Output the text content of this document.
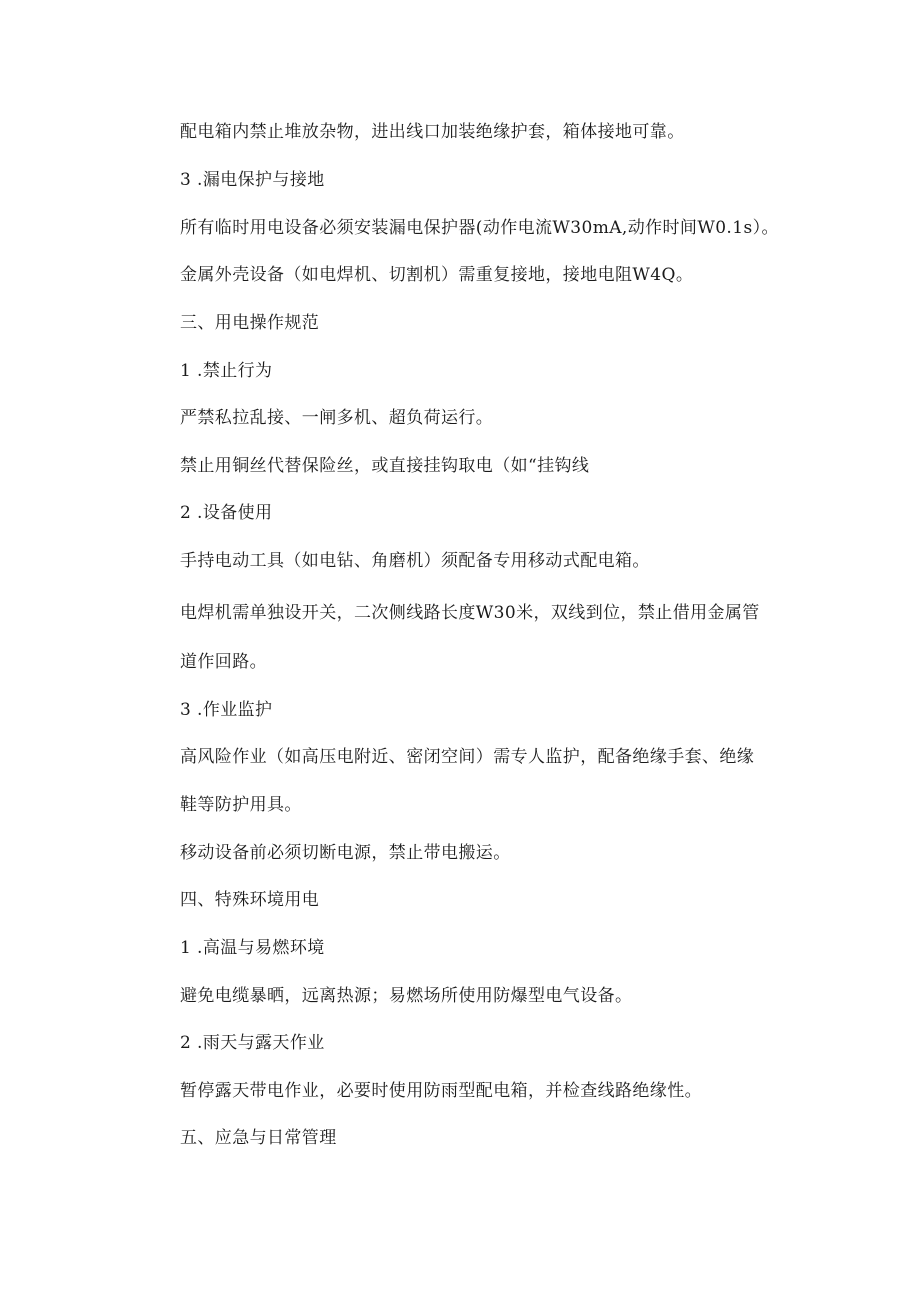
配电箱内禁止堆放杂物，进出线口加装绝缘护套，箱体接地可靠。

3 .漏电保护与接地

所有临时用电设备必须安装漏电保护器(动作电流W30mA,动作时间W0.1s）。

金属外壳设备（如电焊机、切割机）需重复接地，接地电阻W4Q。

三、用电操作规范

1 .禁止行为

严禁私拉乱接、一闸多机、超负荷运行。

禁止用铜丝代替保险丝，或直接挂钩取电（如“挂钩线

2 .设备使用

手持电动工具（如电钻、角磨机）须配备专用移动式配电箱。

电焊机需单独设开关，二次侧线路长度W30米，双线到位，禁止借用金属管

道作回路。

3 .作业监护

高风险作业（如高压电附近、密闭空间）需专人监护，配备绝缘手套、绝缘

鞋等防护用具。

移动设备前必须切断电源，禁止带电搬运。

四、特殊环境用电

1 .高温与易燃环境

避免电缆暴晒，远离热源；易燃场所使用防爆型电气设备。

2 .雨天与露天作业

暂停露天带电作业，必要时使用防雨型配电箱，并检查线路绝缘性。

五、应急与日常管理
